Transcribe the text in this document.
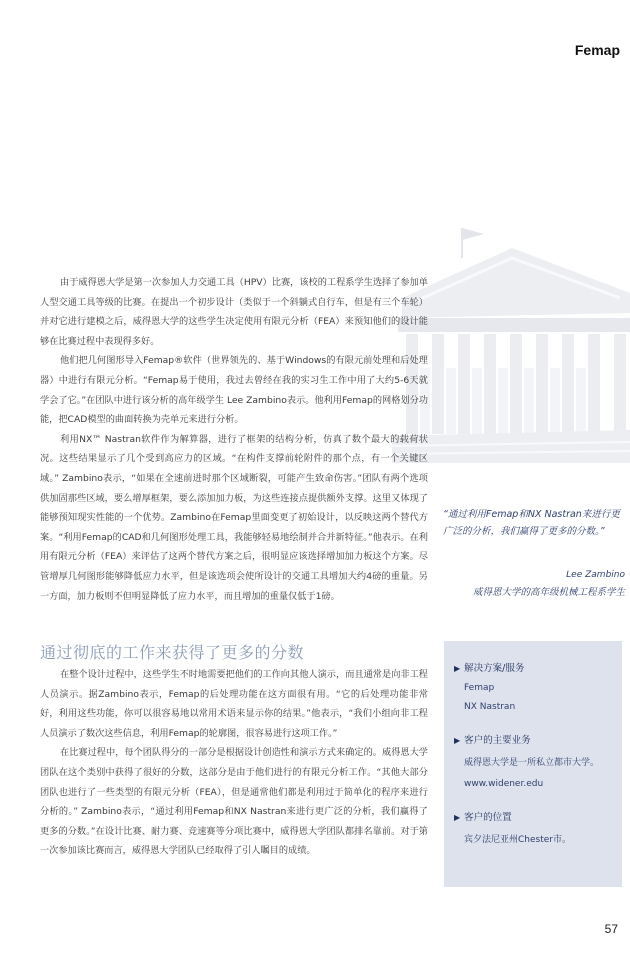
Femap

由于威得恩大学是第一次参加人力交通工具（HPV）比赛，该校的工程系学生选择了参加单人型交通工具等级的比赛。在提出一个初步设计（类似于一个斜躺式自行车，但是有三个车轮）并对它进行建模之后，威得恩大学的这些学生决定使用有限元分析（FEA）来预知他们的设计能够在比赛过程中表现得多好。

他们把几何图形导入Femap®软件（世界领先的、基于Windows的有限元前处理和后处理器）中进行有限元分析。“Femap易于使用，我过去曾经在我的实习生工作中用了大约5-6天就学会了它。”在团队中进行该分析的高年级学生 Lee Zambino表示。他利用Femap的网格划分功能，把CAD模型的曲面转换为壳单元来进行分析。

利用NX™ Nastran软件作为解算器，进行了框架的结构分析，仿真了数个最大的载荷状况。这些结果显示了几个受到高应力的区域。“在构件支撑前轮附件的那个点，有一个关键区域。” Zambino表示，“如果在全速前进时那个区域断裂，可能产生致命伤害。”团队有两个选项供加固那些区域，要么增厚框架，要么添加加力板，为这些连接点提供额外支撑。这里又体现了能够预知现实性能的一个优势。Zambino在Femap里面变更了初始设计，以反映这两个替代方案。“利用Femap的CAD和几何图形处理工具，我能够轻易地绘制并合并新特征。”他表示。在利用有限元分析（FEA）来评估了这两个替代方案之后，很明显应该选择增加加力板这个方案。尽管增厚几何图形能够降低应力水平，但是该选项会使所设计的交通工具增加大约4磅的重量。另一方面，加力板则不但明显降低了应力水平，而且增加的重量仅低于1磅。

通过彻底的工作来获得了更多的分数

在整个设计过程中，这些学生不时地需要把他们的工作向其他人演示，而且通常是向非工程人员演示。据Zambino表示，Femap的后处理功能在这方面很有用。“它的后处理功能非常好，利用这些功能，你可以很容易地以常用术语来显示你的结果。”他表示，“我们小组向非工程人员演示了数次这些信息，利用Femap的轮廓图，很容易进行这项工作。”

在比赛过程中，每个团队得分的一部分是根据设计创造性和演示方式来确定的。威得恩大学团队在这个类别中获得了很好的分数，这部分是由于他们进行的有限元分析工作。“其他大部分团队也进行了一些类型的有限元分析（FEA），但是通常他们都是利用过于简单化的程序来进行分析的。” Zambino表示，“通过利用Femap和NX Nastran来进行更广泛的分析，我们赢得了更多的分数。”在设计比赛、耐力赛、竞速赛等分项比赛中，威得恩大学团队都排名靠前。对于第一次参加该比赛而言，威得恩大学团队已经取得了引人瞩目的成绩。

“通过利用Femap和NX Nastran来进行更广泛的分析，我们赢得了更多的分数。”
Lee Zambino
威得恩大学的高年级机械工程系学生
▶ 解决方案/服务
Femap
NX Nastran
▶ 客户的主要业务
威得恩大学是一所私立都市大学。
www.widener.edu
▶ 客户的位置
宾夕法尼亚州Chester市。
57
